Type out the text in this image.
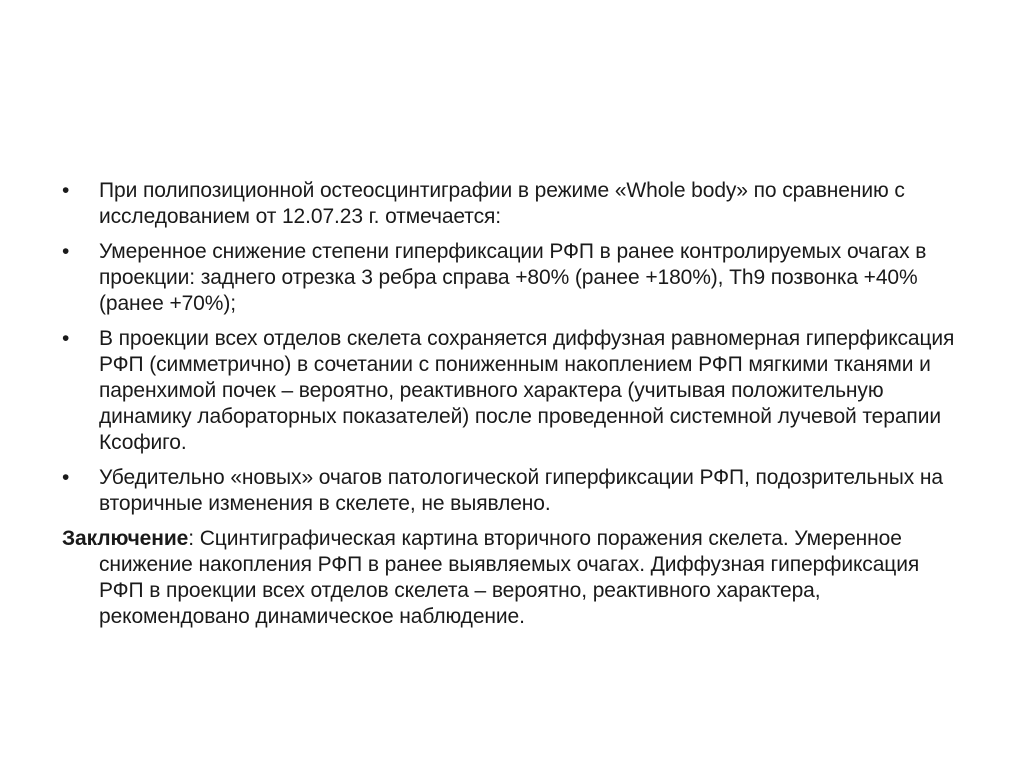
•	При полипозиционной остеосцинтиграфии в режиме «Whole body» по сравнению с исследованием от 12.07.23 г. отмечается:
•	Умеренное снижение степени гиперфиксации РФП в ранее контролируемых очагах в проекции: заднего отрезка 3 ребра справа +80% (ранее +180%), Th9 позвонка +40% (ранее +70%);
•	В проекции всех отделов скелета сохраняется диффузная равномерная гиперфиксация РФП (симметрично) в сочетании с пониженным накоплением РФП мягкими тканями и паренхимой почек – вероятно, реактивного характера (учитывая положительную динамику лабораторных показателей) после проведенной системной лучевой терапии Ксофиго.
•	Убедительно «новых» очагов патологической гиперфиксации РФП, подозрительных на вторичные изменения в скелете, не выявлено.
Заключение: Сцинтиграфическая картина вторичного поражения скелета. Умеренное снижение накопления РФП в ранее выявляемых очагах. Диффузная гиперфиксация РФП в проекции всех отделов скелета – вероятно, реактивного характера, рекомендовано динамическое наблюдение.
